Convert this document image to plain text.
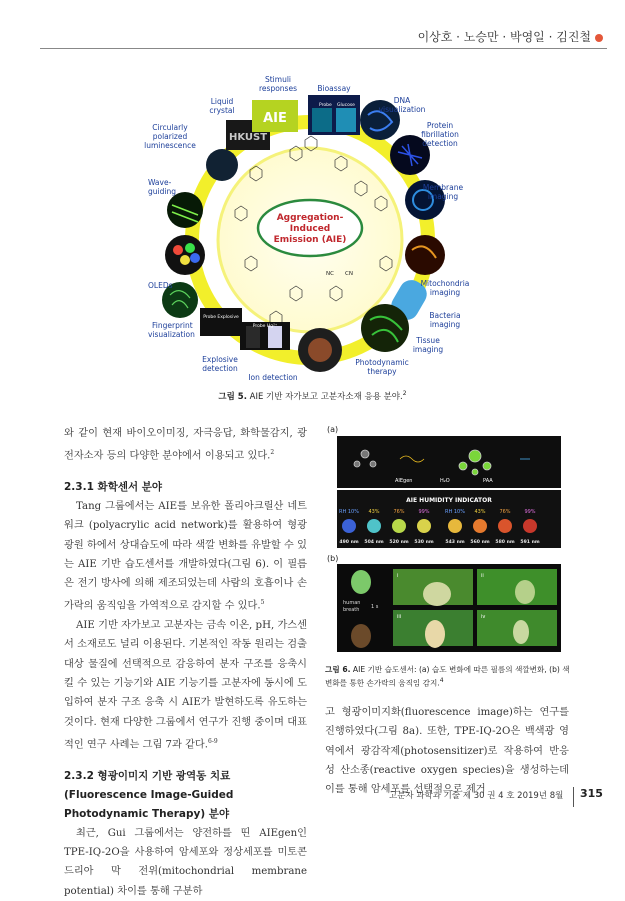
이상호 · 노승만 · 박영일 · 김진철
Aggregation-
Induced
Emission (AIE)
NC CN
HKUST
AIE
Probe Hg²⁺
Probe Explosive
Stimuli
responses	Bioassay
Probe Glucose
DNA
visualization
Liquid
crystal
Protein
fibrillation
detection
Circularly
polarized
luminescence
Wave-
guiding	Membrane
imaging
OLEDs	Mitochondria
imaging
Bacteria
imaging
Fingerprint
visualization
Tissue
imaging
Explosive
detection
Ion detection
Photodynamic
therapy
그림 5. AIE 기반 자가보고 고분자소재 응용 분야.$^2$

와 같이 현재 바이오이미징, 자극응답, 화학물감지, 광전자소자 등의 다양한 분야에서 이용되고 있다.$^2$

2.3.1 화학센서 분야

Tang 그룹에서는 AIE를 보유한 폴리아크릴산 네트워크 (polyacrylic acid network)를 활용하여 형광 광원 하에서 상대습도에 따라 색깔 변화를 유발할 수 있는 AIE 기반 습도센서를 개발하였다(그림 6). 이 필름은 전기 방사에 의해 제조되었는데 사람의 호흡이나 손가락의 움직임을 가역적으로 감지할 수 있다.$^5$

AIE 기반 자가보고 고분자는 금속 이온, pH, 가스센서 소재로도 널리 이용된다. 기본적인 작동 원리는 검출 대상 물질에 선택적으로 감응하여 분자 구조를 응축시킬 수 있는 기능기와 AIE 기능기를 고분자에 동시에 도입하여 분자 구조 응축 시 AIE가 발현하도록 유도하는 것이다. 현재 다양한 그룹에서 연구가 진행 중이며 대표적인 연구 사례는 그림 7과 같다.$^{6-9}$

2.3.2 형광이미지 기반 광역동 치료(Fluorescence Image-Guided Photodynamic Therapy) 분야

최근, Gui 그룹에서는 양전하를 띤 AIEgen인 TPE-IQ-2O을 사용하여 암세포와 정상세포를 미토콘드리아 막 전위(mitochondrial membrane potential) 차이를 통해 구분하

(a)
AIEgen	H₂O	PAA
AIE HUMIDITY INDICATOR
RH 10% 43%	76%	99%	RH 10% 43%	76%	99%
490 nm 504 nm 520 nm 530 nm	543 nm 560 nm 580 nm 591 nm
(b)
human
breath 1 s
i	ii
iii	iv
그림 6. AIE 기반 습도센서: (a) 습도 변화에 따른 필름의 색깔변화, (b) 색 변화를 통한 손가락의 움직임 감지.$^4$

고 형광이미지화(fluorescence image)하는 연구를 진행하였다(그림 8a). 또한, TPE-IQ-2O은 백색광 영역에서 광감작제(photosensitizer)로 작용하여 반응성 산소종(reactive oxygen species)을 생성하는데 이를 통해 암세포를 선택적으로 제거

고분자 과학과 기술 제 30 권 4 호 2019년 8월 315
